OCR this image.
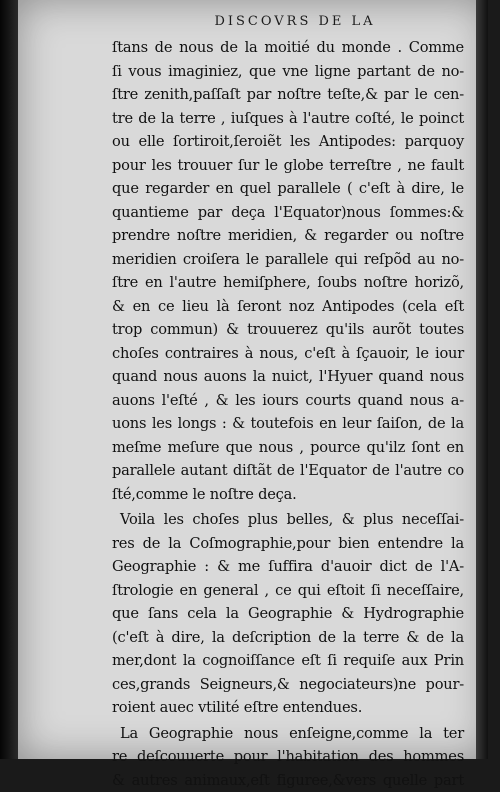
DISCOVRS DE LA
ſtans de nous de la moitié du monde . Comme
ſi vous imaginiez, que vne ligne partant de no-
ſtre zenith,paſſaſt par noſtre teſte,& par le cen-
tre de la terre , iuſques à l'autre coſté, le poinct
ou elle ſortiroit,ſeroiẽt les Antipodes: parquoy
pour les trouuer ſur le globe terreſtre , ne fault
que regarder en quel parallele ( c'eſt à dire, le
quantieme par deça l'Equator)nous ſommes:&
prendre noſtre meridien, & regarder ou noſtre
meridien croiſera le parallele qui reſpõd au no-
ſtre en l'autre hemiſphere, ſoubs noſtre horizõ,
& en ce lieu là ſeront noz Antipodes (cela eſt
trop commun) & trouuerez qu'ils aurõt toutes
choſes contraires à nous, c'eſt à ſçauoir, le iour
quand nous auons la nuict, l'Hyuer quand nous
auons l'eſté , & les iours courts quand nous a-
uons les longs : & toutefois en leur ſaiſon, de la
meſme meſure que nous , pource qu'ilz ſont en
parallele autant diſtãt de l'Equator de l'autre co
ſté,comme le noſtre deça.
Voila les choſes plus belles, & plus neceſſai-
res de la Coſmographie,pour bien entendre la
Geographie : & me ſuffira d'auoir dict de l'A-
ſtrologie en general , ce qui eſtoit ſi neceſſaire,
que ſans cela la Geographie & Hydrographie
(c'eſt à dire, la deſcription de la terre & de la
mer,dont la cognoiſſance eſt ſi requiſe aux Prin
ces,grands Seigneurs,& negociateurs)ne pour-
roient auec vtilité eſtre entendues.
La Geographie nous enſeigne,comme la ter
re deſcouuerte pour l'habitation des hommes
& autres animaux,eſt figuree,&vers quelle part
